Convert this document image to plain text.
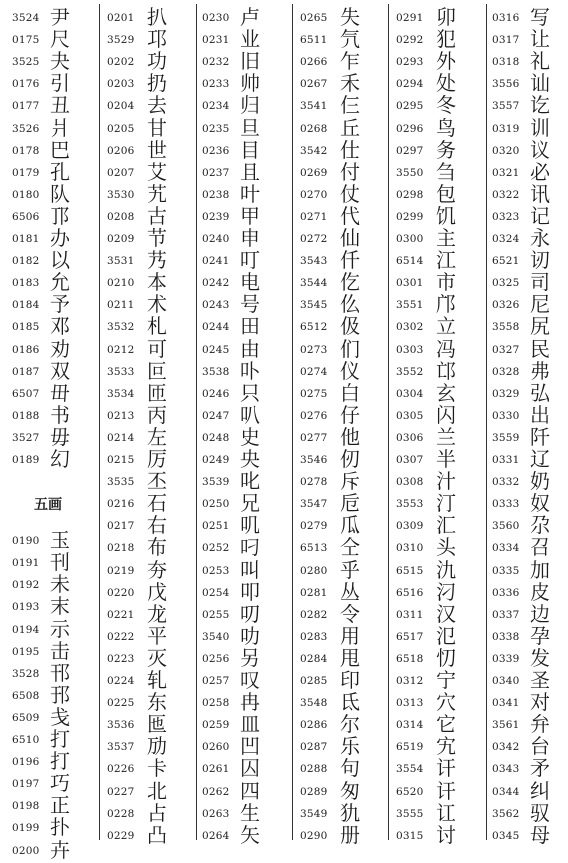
3524 尹
0175 尺
3525 夬
0176 引
0177 丑
3526 爿
0178 巴
0179 孔
0180 队
6506 邒
0181 办
0182 以
0183 允
0184 予
0185 邓
0186 劝
0187 双
6507 毌
0188 书
3527 毋
0189 幻
五画
0190 玉
0191 刊
0192 未
0193 末
0194 示
0195 击
3528 邗
6508 邘
6509 戋
6510 打
0196 打
0197 巧
0198 正
0199 扑
0200 卉
0201 扒
3529 邛
0202 功
0203 扔
0204 去
0205 甘
0206 世
0207 艾
3530 艽
0208 古
0209 节
3531 艿
0210 本
0211 术
3532 札
0212 可
3533 叵
3534 匝
0213 丙
0214 左
0215 厉
3535 丕
0216 石
0217 右
0218 布
0219 夯
0220 戊
0221 龙
0222 平
0223 灭
0224 轧
0225 东
3536 匜
3537 劢
0226 卡
0227 北
0228 占
0229 凸
0230 卢
0231 业
0232 旧
0233 帅
0234 归
0235 旦
0236 目
0237 且
0238 叶
0239 甲
0240 申
0241 叮
0242 电
0243 号
0244 田
0245 由
3538 卟
0246 只
0247 叭
0248 史
0249 央
3539 叱
0250 兄
0251 叽
0252 叼
0253 叫
0254 叩
0255 叨
3540 叻
0256 另
0257 叹
0258 冉
0259 皿
0260 凹
0261 囚
0262 四
0263 生
0264 矢
0265 失
6511 氕
0266 乍
0267 禾
3541 仨
0268 丘
3542 仕
0269 付
0270 仗
0271 代
0272 仙
3543 仟
3544 仡
3545 仫
6512 伋
0273 们
0274 仪
0275 白
0276 仔
0277 他
3546 仞
0278 斥
3547 卮
0279 瓜
6513 仝
0280 乎
0281 丛
0282 令
0283 用
0284 甩
0285 印
3548 氐
0286 尔
0287 乐
0288 句
0289 匆
3549 犰
0290 册
0291 卯
0292 犯
0293 外
0294 处
0295 冬
0296 鸟
0297 务
3550 刍
0298 包
0299 饥
0300 主
6514 江
0301 市
3551 邝
0302 立
0303 冯
3552 邙
0304 玄
0305 闪
0306 兰
0307 半
0308 汁
3553 汀
0309 汇
0310 头
6515 氿
6516 汈
0311 汉
6517 氾
6518 忉
0312 宁
0313 穴
0314 它
6519 宄
3554 讦
6520 讦
3555 讧
0315 讨
0316 写
0317 让
0318 礼
3556 讪
3557 讫
0319 训
0320 议
0321 必
0322 讯
0323 记
0324 永
6521 讱
0325 司
0326 尼
3558 尻
0327 民
0328 弗
0329 弘
0330 出
3559 阡
0331 辽
0332 奶
0333 奴
3560 尕
0334 召
0335 加
0336 皮
0337 边
0338 孕
0339 发
0340 圣
0341 对
3561 弁
0342 台
0343 矛
0344 纠
3562 驭
0345 母
